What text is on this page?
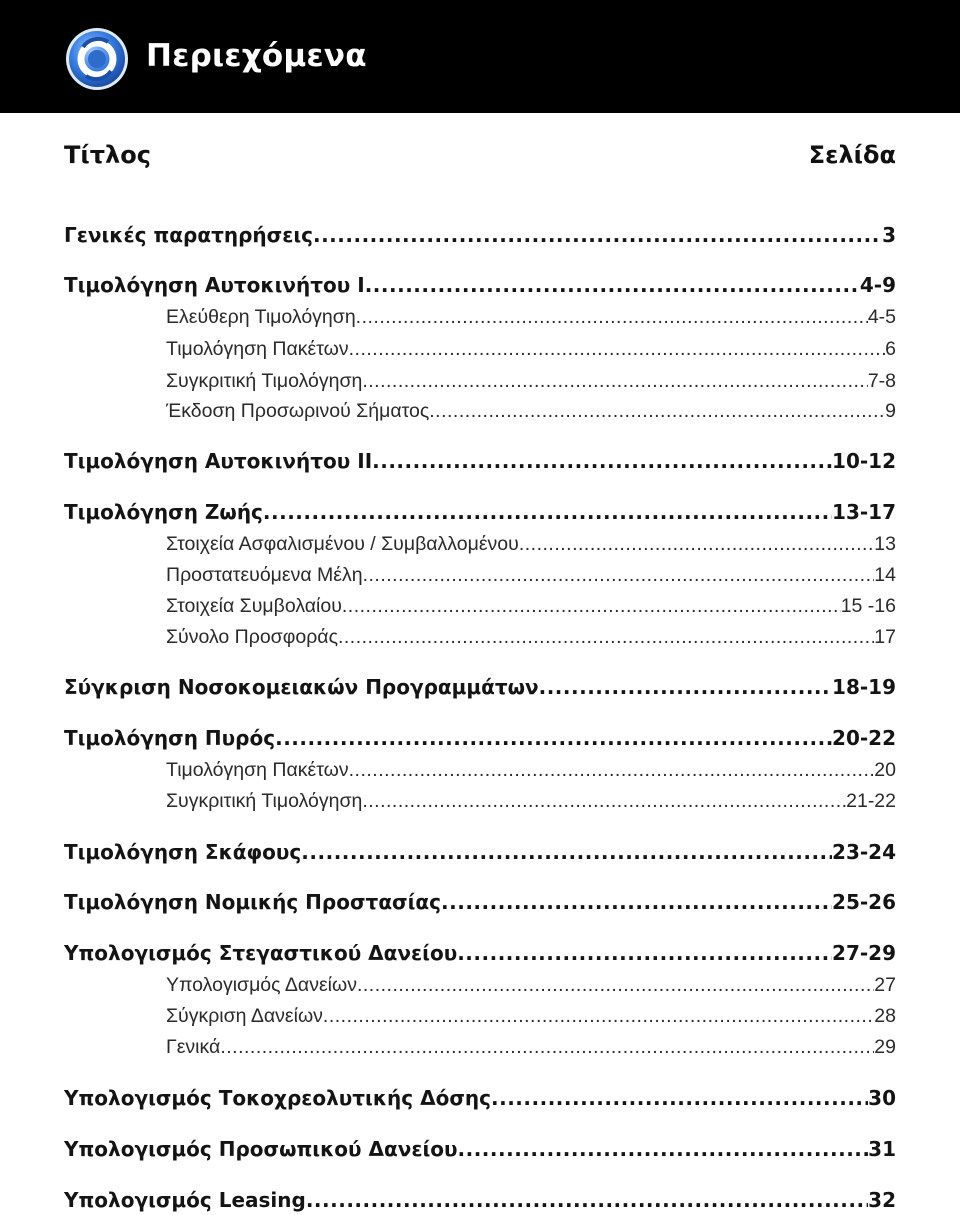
Περιεχόμενα
Τίτλος	Σελίδα
Γενικές παρατηρήσεις .....	3
Τιμολόγηση Αυτοκινήτου I .....	4-9
Ελεύθερη Τιμολόγηση .....	4-5
Τιμολόγηση Πακέτων .....	6
Συγκριτική Τιμολόγηση .....	7-8
Έκδοση Προσωρινού Σήματος .....	9
Τιμολόγηση Αυτοκινήτου II .....	10-12
Τιμολόγηση Ζωής .....	13-17
Στοιχεία Ασφαλισμένου / Συμβαλλομένου .....	13
Προστατευόμενα Μέλη .....	14
Στοιχεία Συμβολαίου .....	15 -16
Σύνολο Προσφοράς .....	17
Σύγκριση Νοσοκομειακών Προγραμμάτων .....	18-19
Τιμολόγηση Πυρός .....	20-22
Τιμολόγηση Πακέτων .....	20
Συγκριτική Τιμολόγηση .....	21-22
Τιμολόγηση Σκάφους .....	23-24
Τιμολόγηση Νομικής Προστασίας .....	25-26
Υπολογισμός Στεγαστικού Δανείου .....	27-29
Υπολογισμός Δανείων .....	27
Σύγκριση Δανείων .....	28
Γενικά .....	29
Υπολογισμός Τοκοχρεολυτικής Δόσης .....	30
Υπολογισμός Προσωπικού Δανείου .....	31
Υπολογισμός Leasing .....	32
